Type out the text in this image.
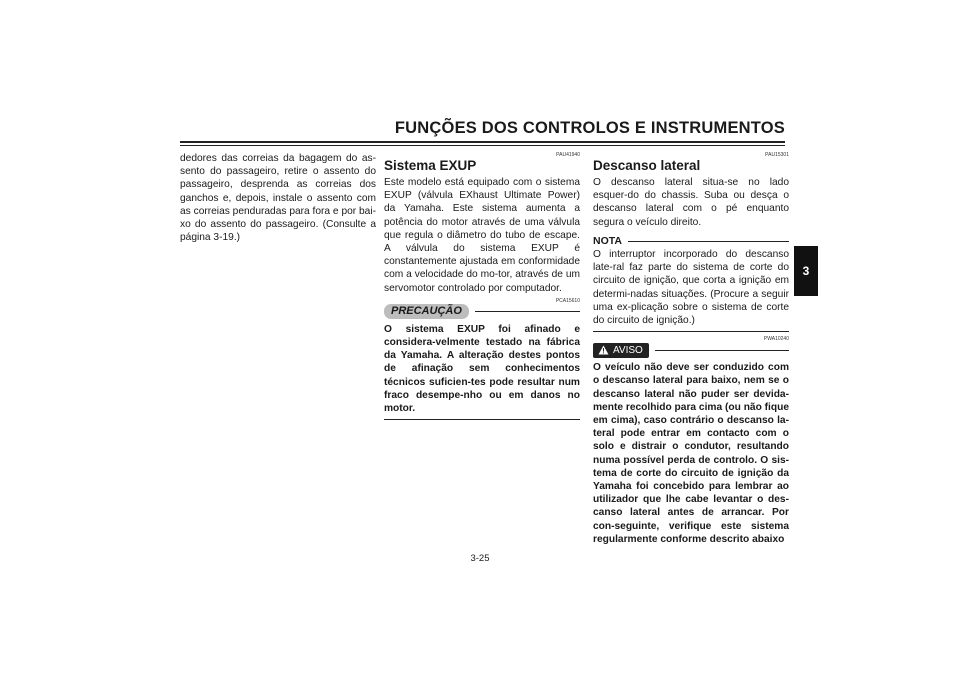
FUNÇÕES DOS CONTROLOS E INSTRUMENTOS
3

dedores das correias da bagagem do as-sento do passageiro, retire o assento do passageiro, desprenda as correias dos ganchos e, depois, instale o assento com as correias penduradas para fora e por bai-xo do assento do passageiro. (Consulte a página 3-19.)

PAU41940

Sistema EXUP

Este modelo está equipado com o sistema EXUP (válvula EXhaust Ultimate Power) da Yamaha. Este sistema aumenta a potência do motor através de uma válvula que regula o diâmetro do tubo de escape. A válvula do sistema EXUP é constantemente ajustada em conformidade com a velocidade do mo-tor, através de um servomotor controlado por computador.

PCA15610

PRECAUÇÃO

O sistema EXUP foi afinado e considera-velmente testado na fábrica da Yamaha. A alteração destes pontos de afinação sem conhecimentos técnicos suficien-tes pode resultar num fraco desempe-nho ou em danos no motor.

PAU15301

Descanso lateral

O descanso lateral situa-se no lado esquer-do do chassis. Suba ou desça o descanso lateral com o pé enquanto segura o veículo direito.

NOTA

O interruptor incorporado do descanso late-ral faz parte do sistema de corte do circuito de ignição, que corta a ignição em determi-nadas situações. (Procure a seguir uma ex-plicação sobre o sistema de corte do circuito de ignição.)

PWA10240

AVISO

O veículo não deve ser conduzido com o descanso lateral para baixo, nem se o descanso lateral não puder ser devida-mente recolhido para cima (ou não fique em cima), caso contrário o descanso la-teral pode entrar em contacto com o solo e distrair o condutor, resultando numa possível perda de controlo. O sis-tema de corte do circuito de ignição da Yamaha foi concebido para lembrar ao utilizador que lhe cabe levantar o des-canso lateral antes de arrancar. Por con-seguinte, verifique este sistema regularmente conforme descrito abaixo

3-25
